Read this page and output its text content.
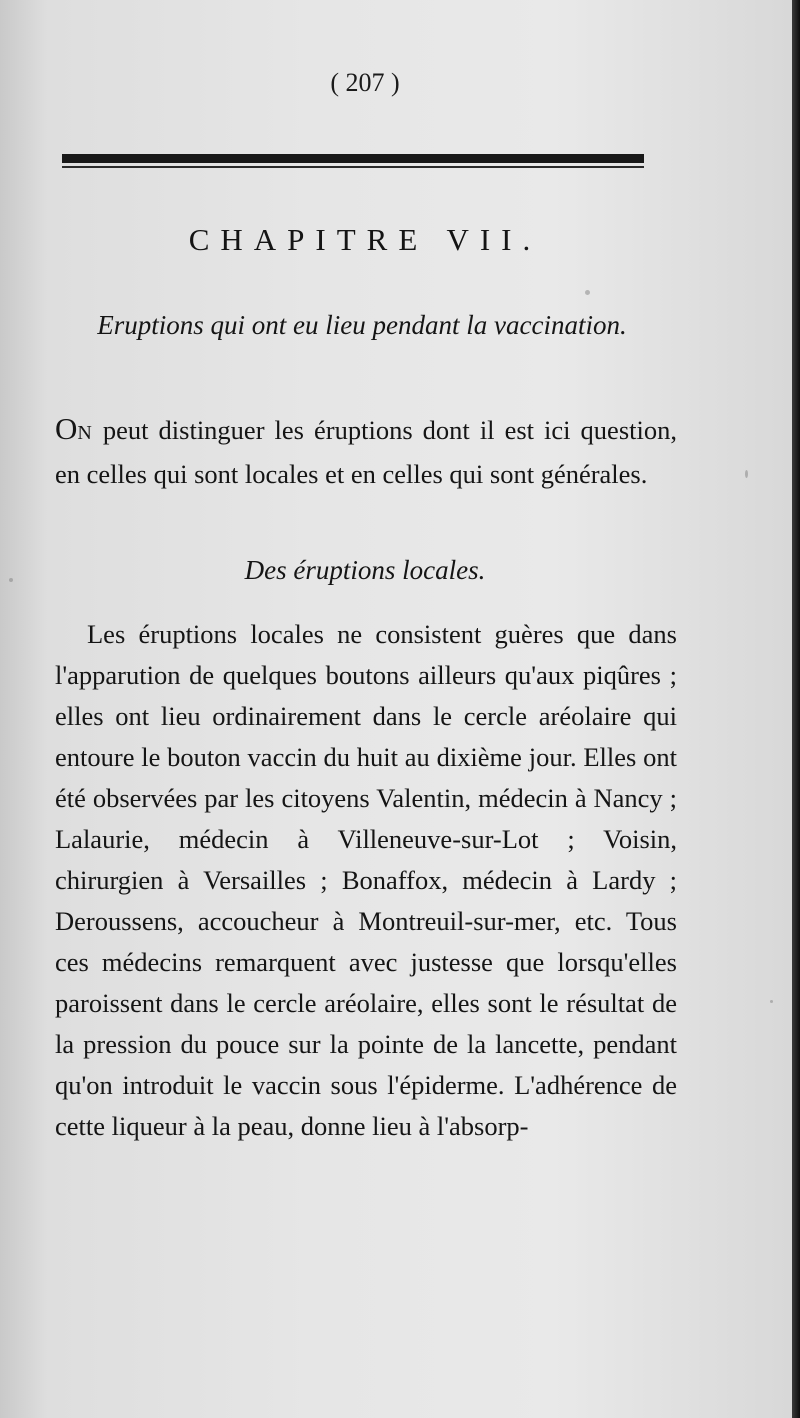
( 207 )
CHAPITRE VII.
Eruptions qui ont eu lieu pendant la vaccination.
ON peut distinguer les éruptions dont il est ici question, en celles qui sont locales et en celles qui sont générales.
Des éruptions locales.
Les éruptions locales ne consistent guères que dans l'apparution de quelques boutons ailleurs qu'aux piqûres ; elles ont lieu ordinairement dans le cercle aréolaire qui entoure le bouton vaccin du huit au dixième jour. Elles ont été observées par les citoyens Valentin, médecin à Nancy ; Lalaurie, médecin à Villeneuve-sur-Lot ; Voisin, chirurgien à Versailles ; Bonaffox, médecin à Lardy ; Deroussens, accoucheur à Montreuil-sur-mer, etc. Tous ces médecins remarquent avec justesse que lorsqu'elles paroissent dans le cercle aréolaire, elles sont le résultat de la pression du pouce sur la pointe de la lancette, pendant qu'on introduit le vaccin sous l'épiderme. L'adhérence de cette liqueur à la peau, donne lieu à l'absorp-
